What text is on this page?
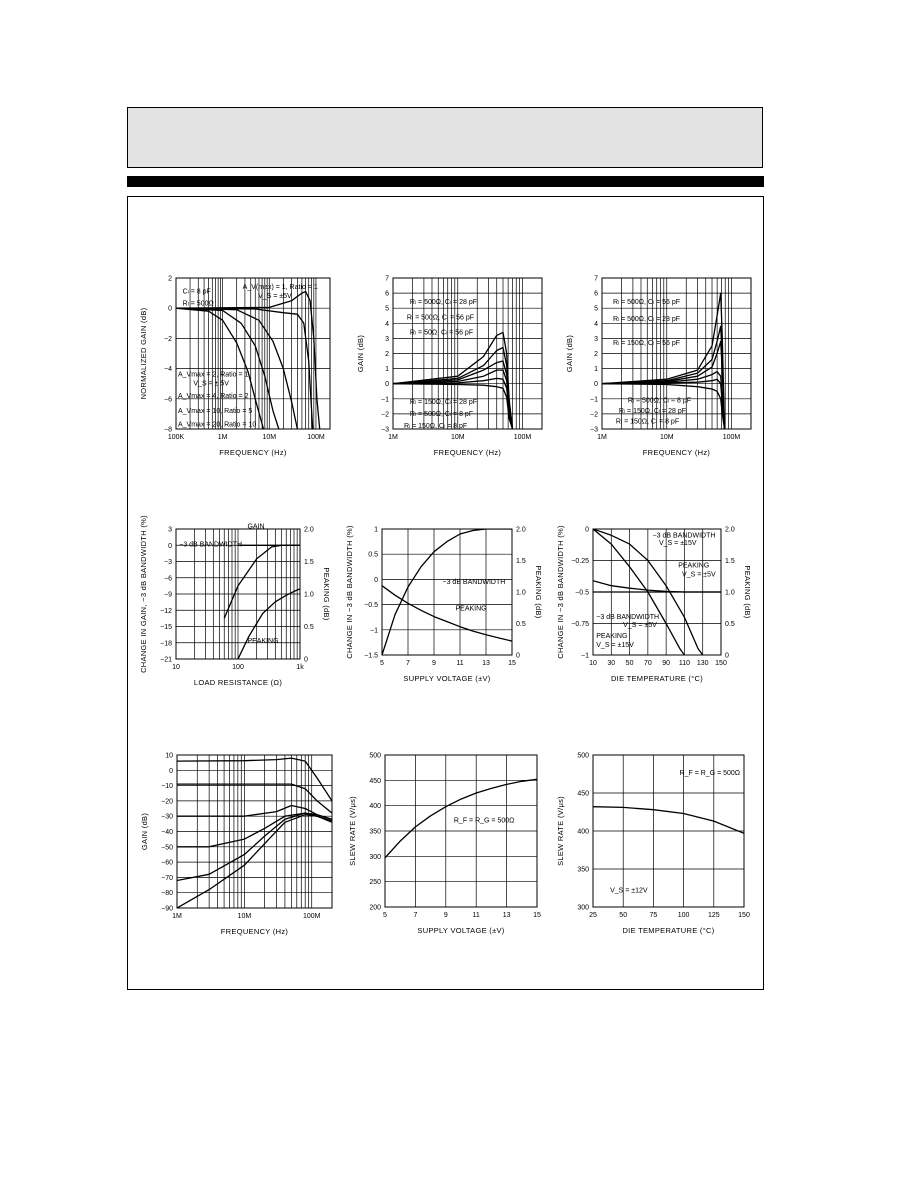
100K	1M	10M	100M
2
0
−2
−4
−6
−8
FREQUENCY (Hz)
NORMALIZED GAIN (dB)
Cₗ = 8 pF
Rₗ = 500Ω
A_V(max) = 1, Ratio = 1
V_S = ±5V
A_Vmax = 2, Ratio = 1
V_S = ± 5V
A_Vmax = 4, Ratio = 2
A_Vmax = 10, Ratio = 5
A_Vmax = 20, Ratio = 10
1M	10M	100M
7
6
5
4
3
2
1
0
−1
−2
−3
FREQUENCY (Hz)
GAIN (dB)
Rₗ = 500Ω, Cₗ = 28 pF
Rₗ = 500Ω, Cₗ = 56 pF
Rₗ = 50Ω, Cₗ = 56 pF
Rₗ = 150Ω, Cₗ = 28 pF
Rₗ = 500Ω, Cₗ = 8 pF
Rₗ = 150Ω, Cₗ = 8 pF
1M	10M	100M
7
6
5
4
3
2
1
0
−1
−2
−3
FREQUENCY (Hz)
GAIN (dB)
Rₗ = 500Ω, Cₗ = 56 pF
Rₗ = 500Ω, Cₗ = 28 pF
Rₗ = 150Ω, Cₗ = 56 pF
Rₗ = 500Ω, Cₗ = 8 pF
Rₗ = 150Ω, Cₗ = 28 pF
Rₗ = 150Ω, Cₗ = 8 pF
10	100	1k
3
0
−3
−6
−9
−12
−15
−18
−21
2.0
1.5
1.0
0.5
0
LOAD RESISTANCE (Ω)
CHANGE IN GAIN, −3 dB BANDWIDTH (%)	PEAKING (dB)
GAIN
−3 dB BANDWIDTH
PEAKING
5	7	9	11	13	15
1
0.5
0
−0.5
−1
−1.5
2.0
1.5
1.0
0.5
0
SUPPLY VOLTAGE (±V)
CHANGE IN −3 dB BANDWIDTH (%)	PEAKING (dB)
−3 dB BANDWIDTH
PEAKING
10 30 50 70 90 110 130 150
0
−0.25
−0.5
−0.75
−1
2.0
1.5
1.0
0.5
0
DIE TEMPERATURE (°C)
CHANGE IN −3 dB BANDWIDTH (%)	PEAKING (dB)
−3 dB BANDWIDTH
V_S = ±15V
PEAKING
V_S = ±5V
−3 dB BANDWIDTH
V_S = ±5V
PEAKING
V_S = ±15V
1M	10M	100M
10
0
−10
−20
−30
−40
−50
−60
−70
−80
−90
FREQUENCY (Hz)
GAIN (dB)
5	7	9	11	13	15
500
450
400
350
300
250
200
SUPPLY VOLTAGE (±V)
SLEW RATE (V/μs)	R_F = R_G = 500Ω
25	50	75	100	125	150
500
450
400
350
300
DIE TEMPERATURE (°C)
SLEW RATE (V/μs)
R_F = R_G = 500Ω
V_S = ±12V
